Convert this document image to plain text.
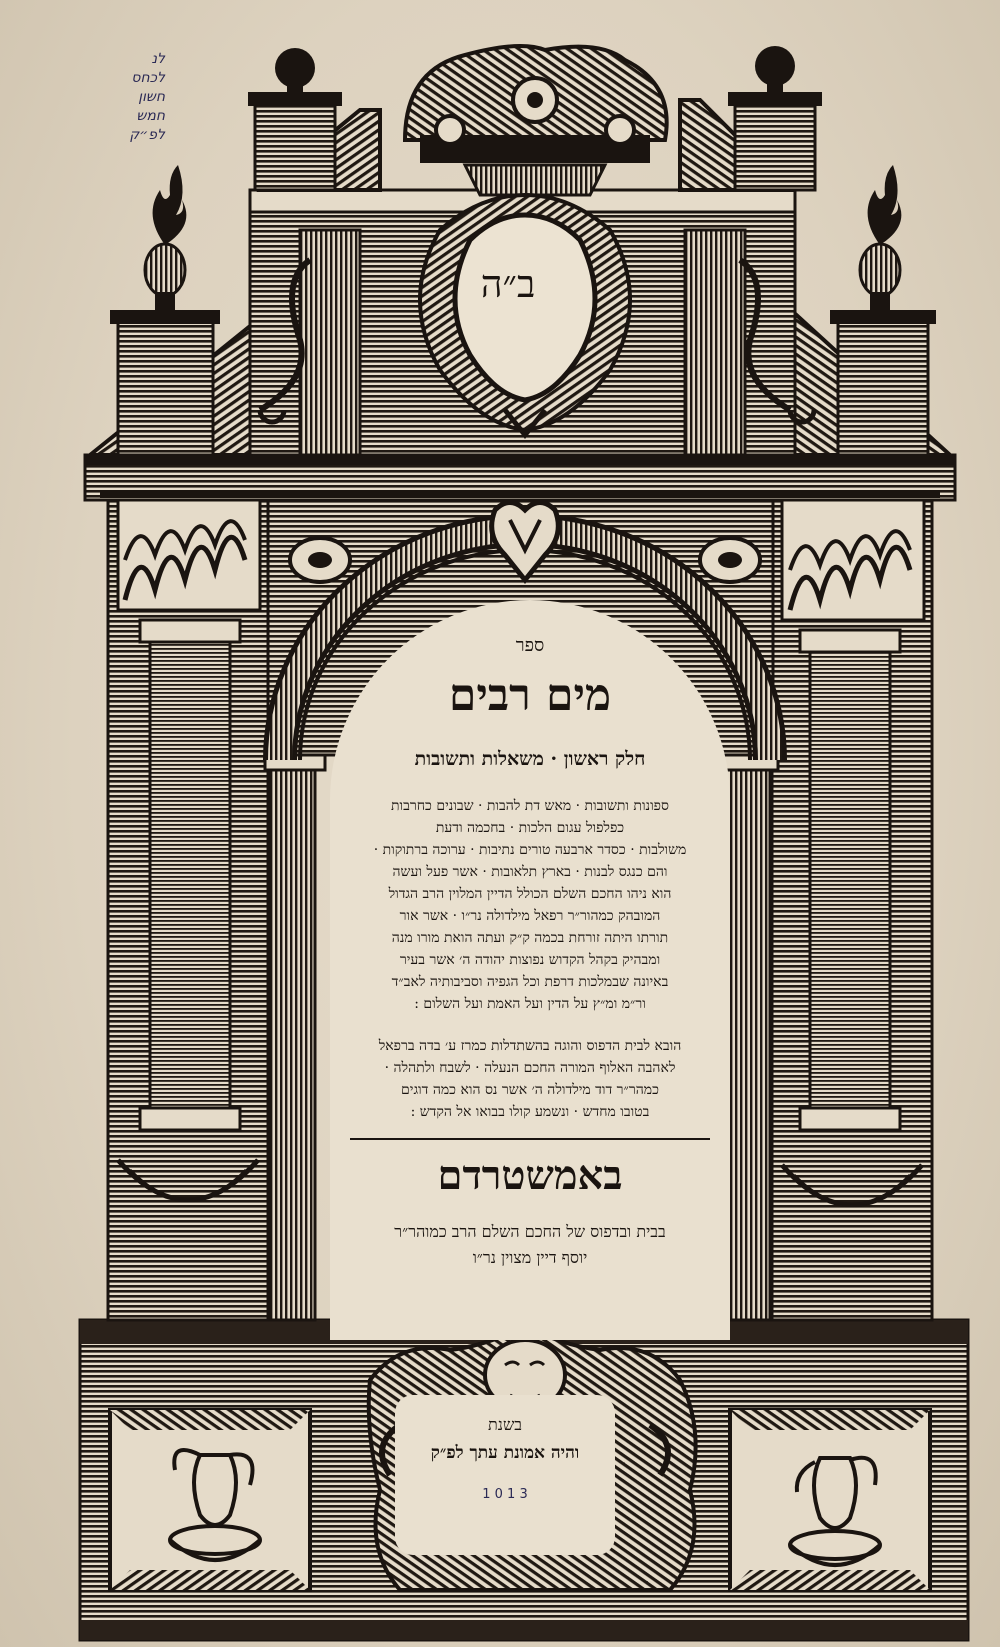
ב״ה
ספר
מים רבים
חלק ראשון · משאלות ותשובות
ספונות ותשובות · מאש דת להבות · שבונים כחרבות
כפלפול עגום הלכות · בחכמה ודעת
משולבות · כסדר ארבעה טורים נתיבות · ערוכה ברתוקות ·
והם כנגס לבנות · בארץ תלאובות · אשר פעל ועשה
הוא ניהו החכם השלם הכולל הדיין המלוין הרב הגדול
המובהק כמהור״ר רפאל מילדולה נר״ו · אשר אור
תורתו היתה זורחת בכמה ק״ק ועתה הואת מורו מנה
ומבהיק בקהל הקדוש נפוצות יהודה ה׳ אשר בעיר
באיונה שבמלכות דרפת וכל הגפיה וסביבותיה לאב״ד
ור״מ ומ״ץ על הדין ועל האמת ועל השלום :
הובא לבית הדפוס והוגה בהשתדלות כמרז ע׳ בדה ברפאל
לאהבה האלוף המורה החכם הנעלה · לשבח ולתהלה ·
כמהר״ר דוד מילדולה ה׳ אשר נס הוא כמה דוגים
בטובו מחדש · ונשמע קולו בבואו אל הקדש :
באמשטרדם
בבית ובדפוס של החכם השלם הרב כמוהר״ר
יוסף דיין מצוין נר״ו
בשנת
והיה אמונת עתך לפ״ק
1 0 1 3
לנ
לכחס
חשון
חמש
לפ״ק
